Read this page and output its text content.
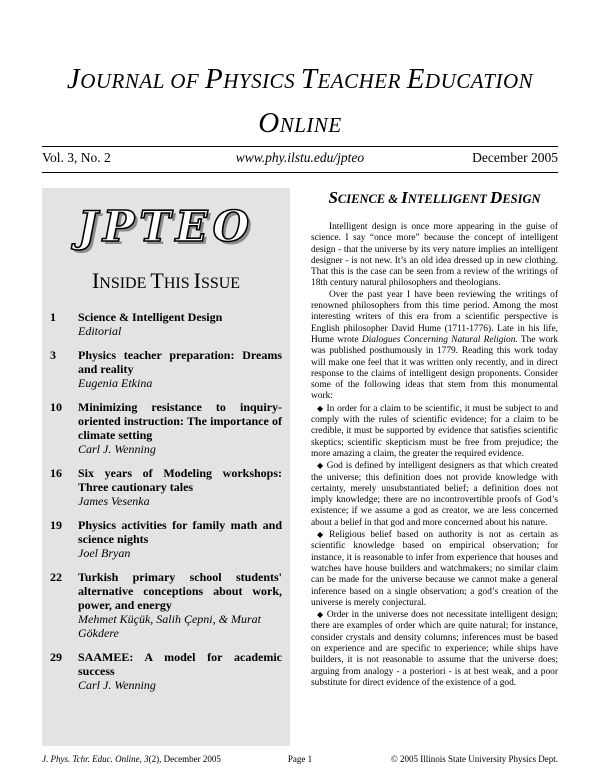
JOURNAL OF PHYSICS TEACHER EDUCATION
ONLINE
Vol. 3, No. 2	www.phy.ilstu.edu/jpteo	December 2005
JPTEO
INSIDE THIS ISSUE
1 Science & Intelligent Design
Editorial
3 Physics teacher preparation: Dreams and reality
Eugenia Etkina
10 Minimizing resistance to inquiry-oriented instruction: The importance of climate setting
Carl J. Wenning
16 Six years of Modeling workshops: Three cautionary tales
James Vesenka
19 Physics activities for family math and science nights
Joel Bryan
22 Turkish primary school students' alternative conceptions about work, power, and energy
Mehmet Küçük, Salih Çepni, & Murat Gökdere
29 SAAMEE: A model for academic success
Carl J. Wenning
SCIENCE & INTELLIGENT DESIGN

Intelligent design is once more appearing in the guise of science. I say “once more” because the concept of intelligent design - that the universe by its very nature implies an intelligent designer - is not new. It’s an old idea dressed up in new clothing. That this is the case can be seen from a review of the writings of 18th century natural philosophers and theologians.

Over the past year I have been reviewing the writings of renowned philosophers from this time period. Among the most interesting writers of this era from a scientific perspective is English philosopher David Hume (1711-1776). Late in his life, Hume wrote Dialogues Concerning Natural Religion. The work was published posthumously in 1779. Reading this work today will make one feel that it was written only recently, and in direct response to the claims of intelligent design proponents. Consider some of the following ideas that stem from this monumental work:

◆ In order for a claim to be scientific, it must be subject to and comply with the rules of scientific evidence; for a claim to be credible, it must be supported by evidence that satisfies scientific skeptics; scientific skepticism must be free from prejudice; the more amazing a claim, the greater the required evidence.

◆ God is defined by intelligent designers as that which created the universe; this definition does not provide knowledge with certainty, merely unsubstantiated belief; a definition does not imply knowledge; there are no incontrovertible proofs of God’s existence; if we assume a god as creator, we are less concerned about a belief in that god and more concerned about his nature.

◆ Religious belief based on authority is not as certain as scientific knowledge based on empirical observation; for instance, it is reasonable to infer from experience that houses and watches have house builders and watchmakers; no similar claim can be made for the universe because we cannot make a general inference based on a single observation; a god’s creation of the universe is merely conjectural.

◆ Order in the universe does not necessitate intelligent design; there are examples of order which are quite natural; for instance, consider crystals and density columns; inferences must be based on experience and are specific to experience; while ships have builders, it is not reasonable to assume that the universe does; arguing from analogy - a posteriori - is at best weak, and a poor substitute for direct evidence of the existence of a god.

J. Phys. Tchr. Educ. Online, 3(2), December 2005	Page 1	© 2005 Illinois State University Physics Dept.
